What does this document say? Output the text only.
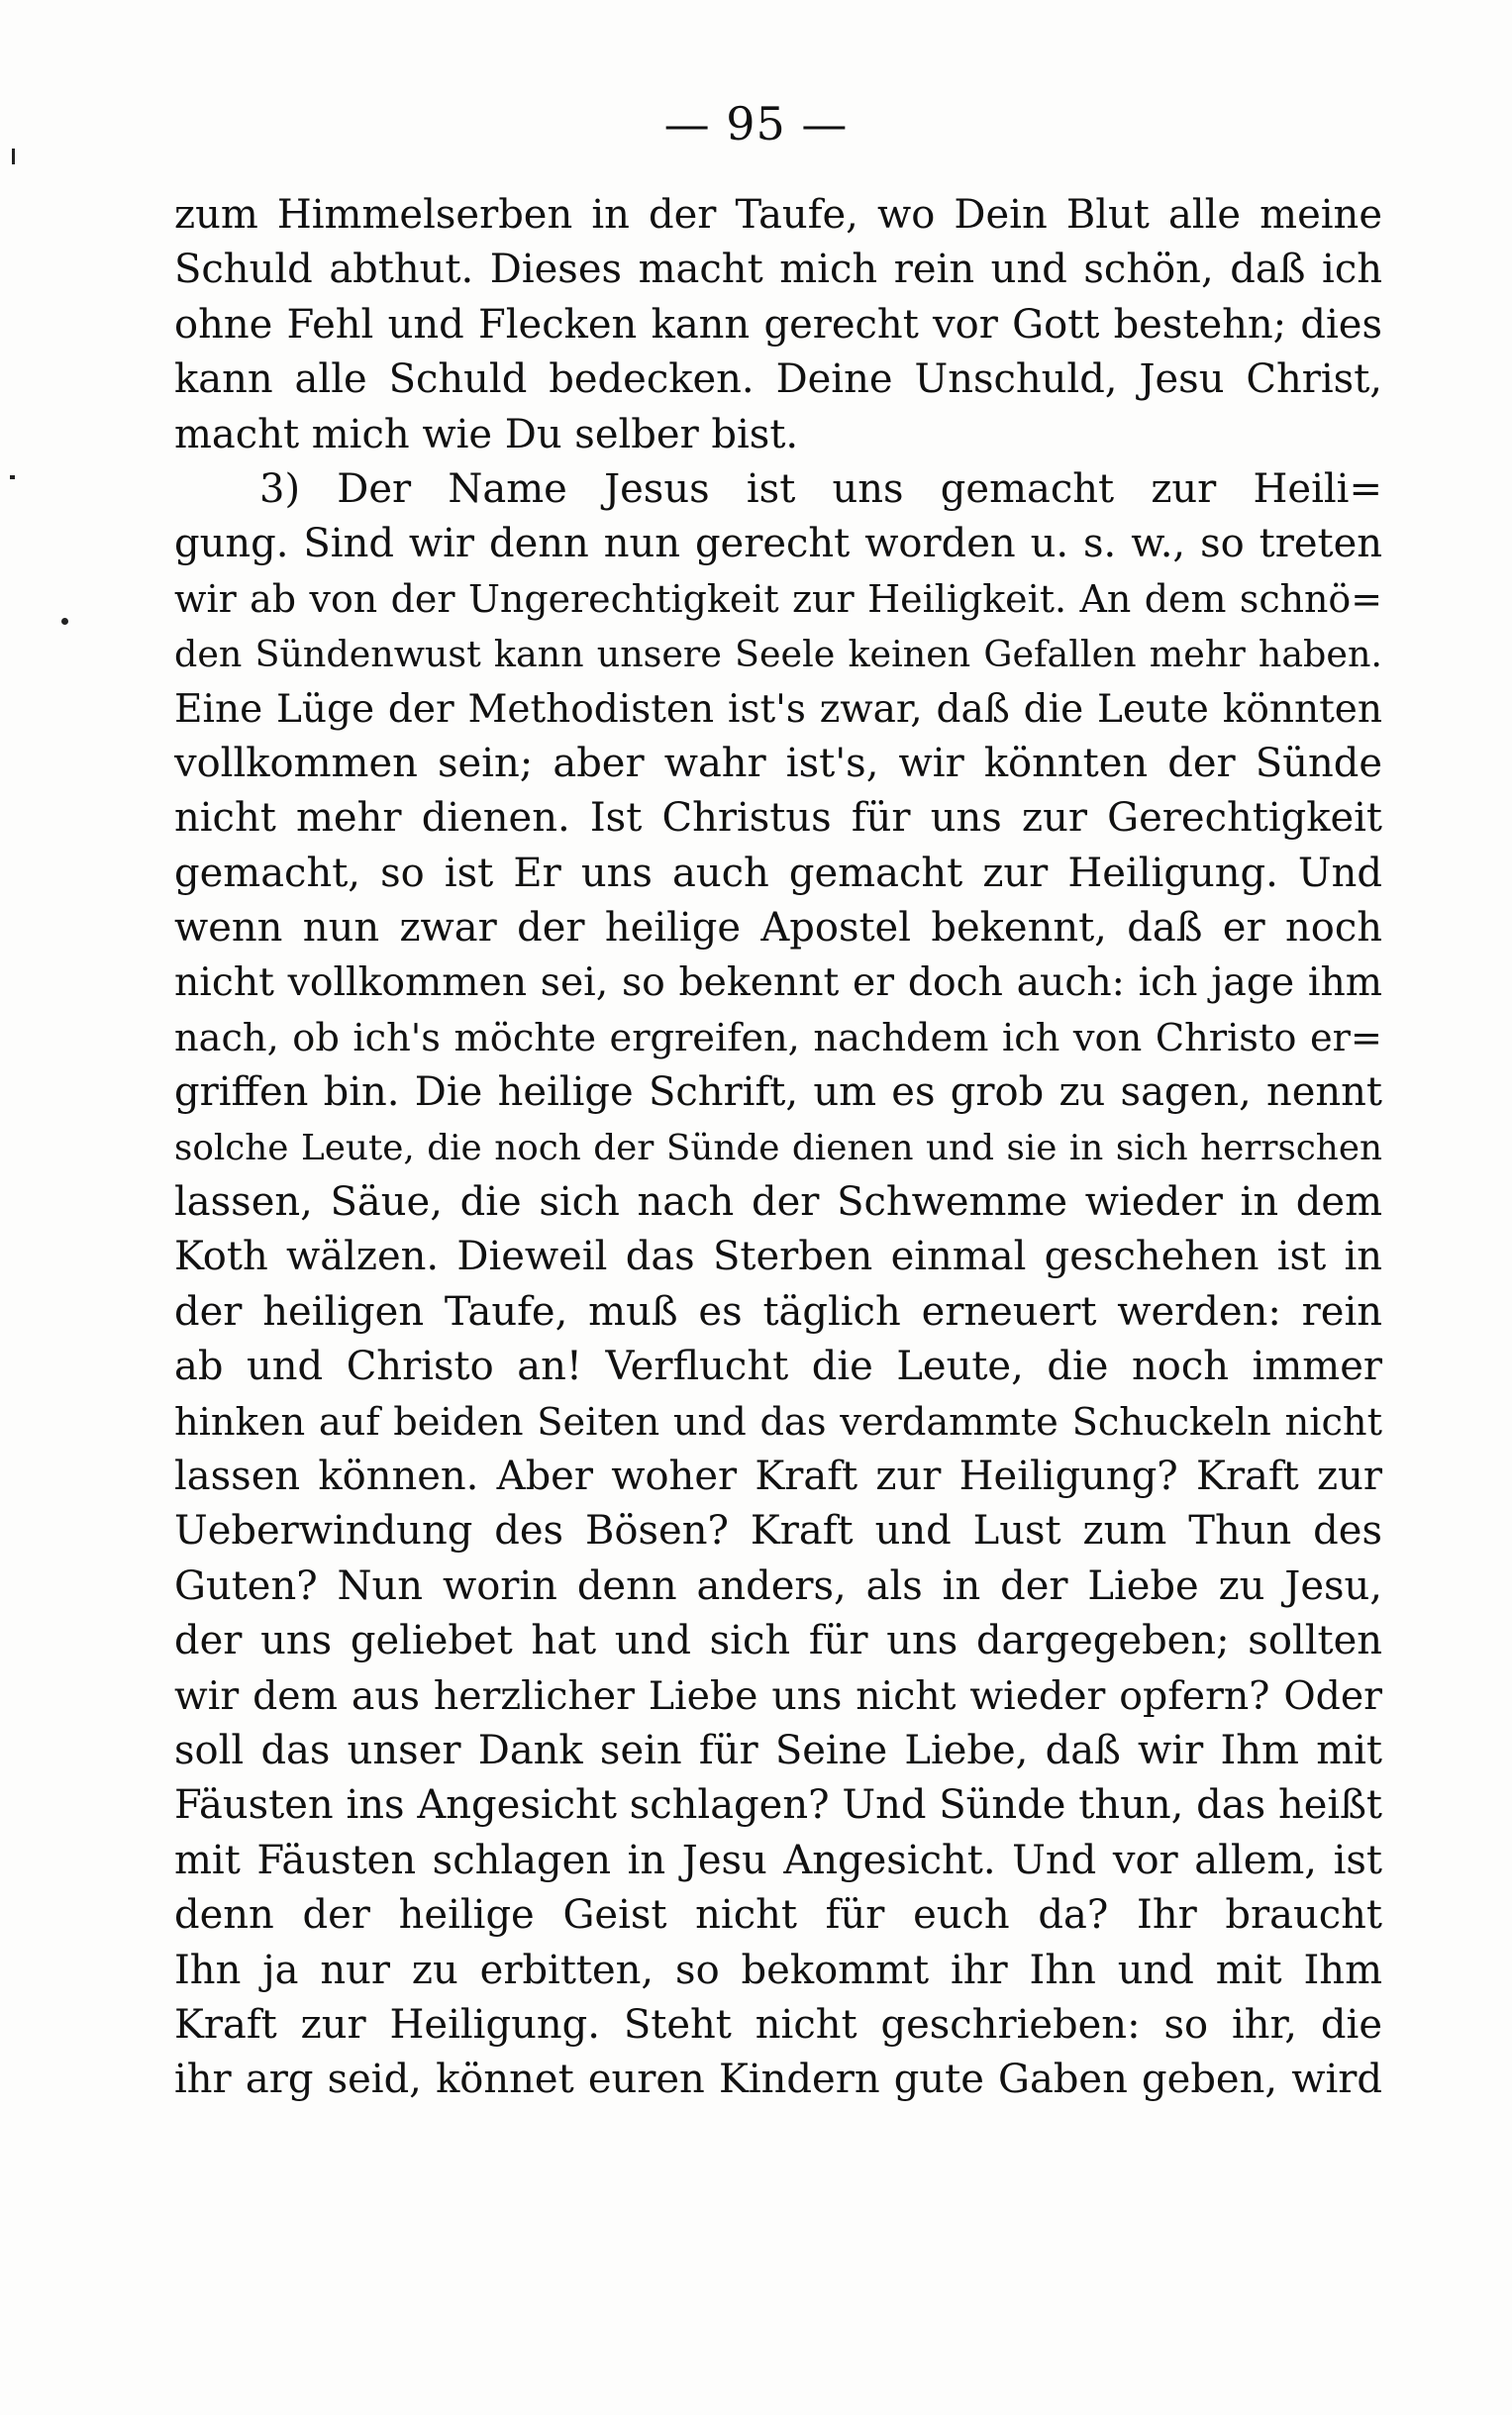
— 95 —
zum Himmelserben in der Taufe, wo Dein Blut alle meine
Schuld abthut. Dieses macht mich rein und schön, daß ich
ohne Fehl und Flecken kann gerecht vor Gott bestehn; dies
kann alle Schuld bedecken. Deine Unschuld, Jesu Christ,
macht mich wie Du selber bist.
3) Der Name Jesus ist uns gemacht zur Heili=
gung. Sind wir denn nun gerecht worden u. s. w., so treten
wir ab von der Ungerechtigkeit zur Heiligkeit. An dem schnö=
den Sündenwust kann unsere Seele keinen Gefallen mehr haben.
Eine Lüge der Methodisten ist's zwar, daß die Leute könnten
vollkommen sein; aber wahr ist's, wir könnten der Sünde
nicht mehr dienen. Ist Christus für uns zur Gerechtigkeit
gemacht, so ist Er uns auch gemacht zur Heiligung. Und
wenn nun zwar der heilige Apostel bekennt, daß er noch
nicht vollkommen sei, so bekennt er doch auch: ich jage ihm
nach, ob ich's möchte ergreifen, nachdem ich von Christo er=
griffen bin. Die heilige Schrift, um es grob zu sagen, nennt
solche Leute, die noch der Sünde dienen und sie in sich herrschen
lassen, Säue, die sich nach der Schwemme wieder in dem
Koth wälzen. Dieweil das Sterben einmal geschehen ist in
der heiligen Taufe, muß es täglich erneuert werden: rein
ab und Christo an! Verflucht die Leute, die noch immer
hinken auf beiden Seiten und das verdammte Schuckeln nicht
lassen können. Aber woher Kraft zur Heiligung? Kraft zur
Ueberwindung des Bösen? Kraft und Lust zum Thun des
Guten? Nun worin denn anders, als in der Liebe zu Jesu,
der uns geliebet hat und sich für uns dargegeben; sollten
wir dem aus herzlicher Liebe uns nicht wieder opfern? Oder
soll das unser Dank sein für Seine Liebe, daß wir Ihm mit
Fäusten ins Angesicht schlagen? Und Sünde thun, das heißt
mit Fäusten schlagen in Jesu Angesicht. Und vor allem, ist
denn der heilige Geist nicht für euch da? Ihr braucht
Ihn ja nur zu erbitten, so bekommt ihr Ihn und mit Ihm
Kraft zur Heiligung. Steht nicht geschrieben: so ihr, die
ihr arg seid, könnet euren Kindern gute Gaben geben, wird
